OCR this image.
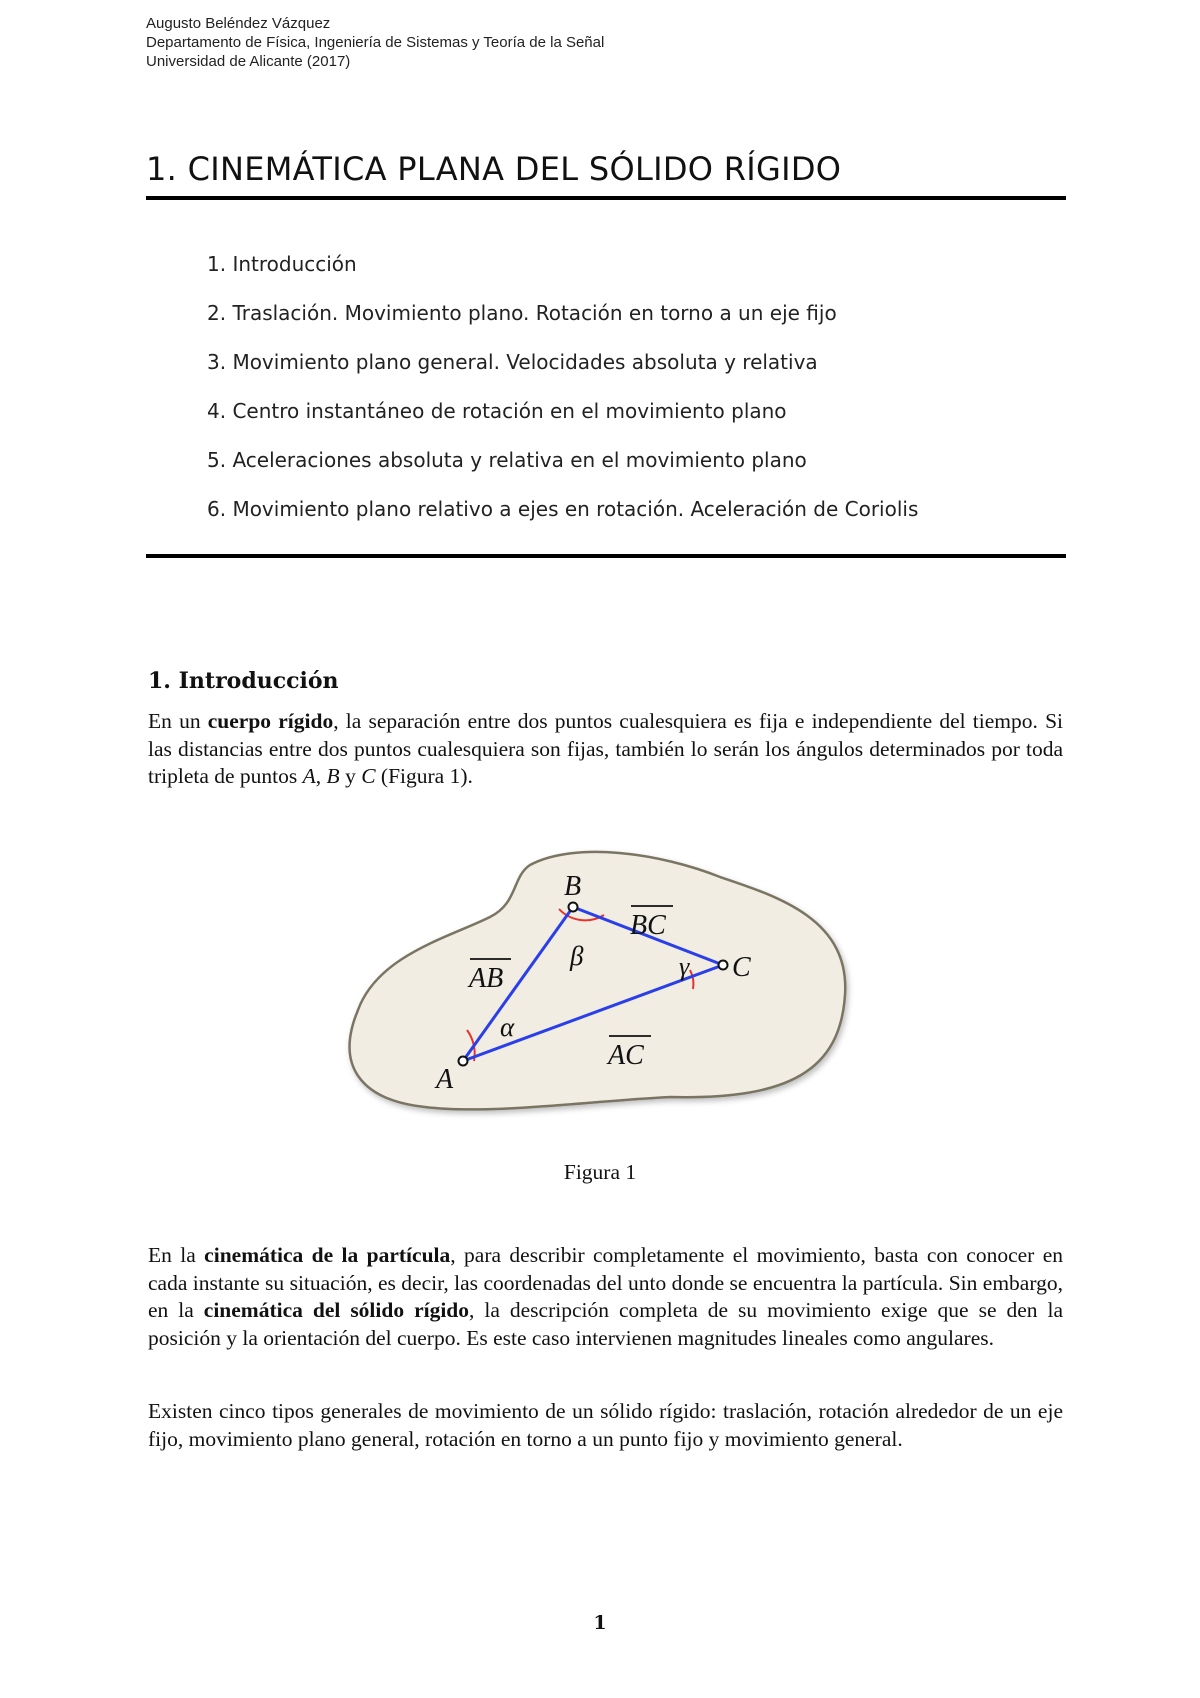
Augusto Beléndez Vázquez
Departamento de Física, Ingeniería de Sistemas y Teoría de la Señal
Universidad de Alicante (2017)
1. CINEMÁTICA PLANA DEL SÓLIDO RÍGIDO
1. Introducción
2. Traslación. Movimiento plano. Rotación en torno a un eje fijo
3. Movimiento plano general. Velocidades absoluta y relativa
4. Centro instantáneo de rotación en el movimiento plano
5. Aceleraciones absoluta y relativa en el movimiento plano
6. Movimiento plano relativo a ejes en rotación. Aceleración de Coriolis
1. Introducción

En un cuerpo rígido, la separación entre dos puntos cualesquiera es fija e independiente del tiempo. Si las distancias entre dos puntos cualesquiera son fijas, también lo serán los ángulos determinados por toda tripleta de puntos A, B y C (Figura 1).

B
C
A
β
α
γ
BC
AB
AC
Figura 1

En la cinemática de la partícula, para describir completamente el movimiento, basta con conocer en cada instante su situación, es decir, las coordenadas del unto donde se encuentra la partícula. Sin embargo, en la cinemática del sólido rígido, la descripción completa de su movimiento exige que se den la posición y la orientación del cuerpo. Es este caso intervienen magnitudes lineales como angulares.

Existen cinco tipos generales de movimiento de un sólido rígido: traslación, rotación alrededor de un eje fijo, movimiento plano general, rotación en torno a un punto fijo y movimiento general.

1
